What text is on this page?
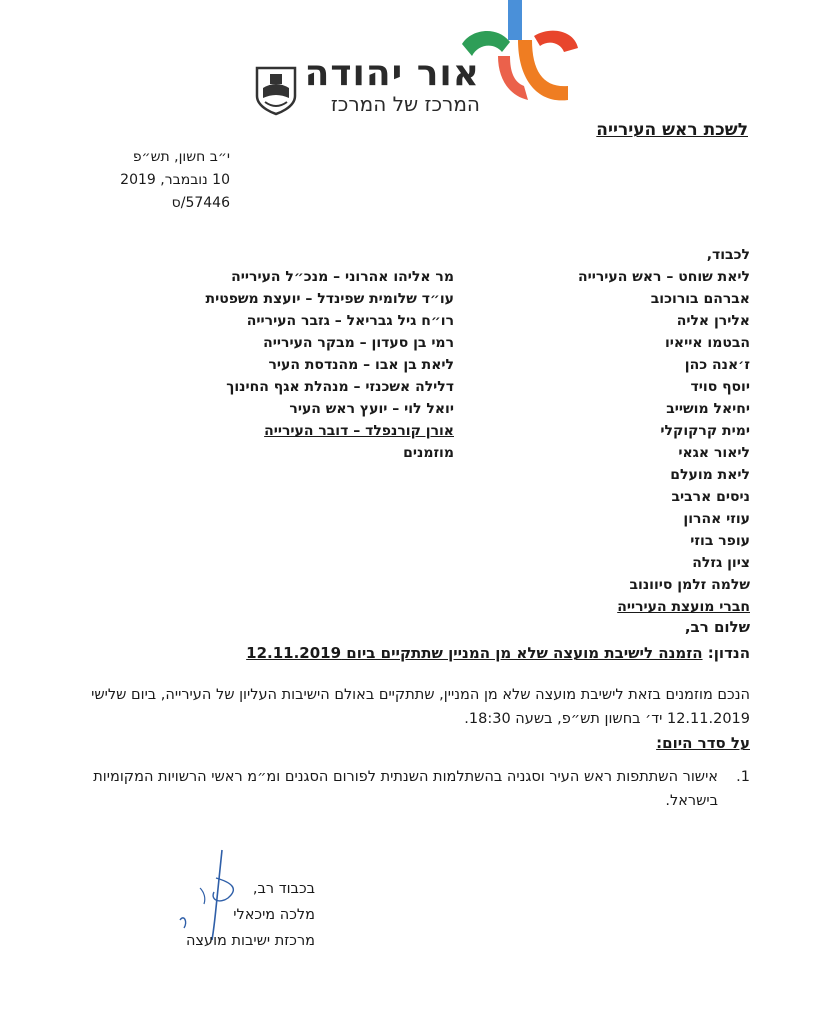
אור יהודה
המרכז של המרכז
לשכת ראש העירייה
י״ב חשון, תש״פ
10 נובמבר, 2019
57446/ס
לכבוד,
ליאת שוחט – ראש העירייה
אברהם בורוכוב
אלירן אליה
הבטמו אייאיו
ז׳אנה כהן
יוסף סויד
יחיאל מושייב
ימית קרקוקלי
ליאור אגאי
ליאת מועלם
ניסים ארביב
עוזי אהרון
עופר בוזי
ציון גזלה
שלמה זלמן סיוונוב
חברי מועצת העירייה
מר אליהו אהרוני – מנכ״ל העירייה
עו״ד שלומית שפינדל – יועצת משפטית
רו״ח גיל גבריאל – גזבר העירייה
רמי בן סעדון – מבקר העירייה
ליאת בן אבו – מהנדסת העיר
דלילה אשכנזי – מנהלת אגף החינוך
יואל לוי – יועץ ראש העיר
אורן קורנפלד – דובר העירייה
מוזמנים
שלום רב,
הנדון: הזמנה לישיבת מועצה שלא מן המניין שתתקיים ביום 12.11.2019
הנכם מוזמנים בזאת לישיבת מועצה שלא מן המניין, שתתקיים באולם הישיבות העליון של העירייה, ביום שלישי 12.11.2019 יד׳ בחשון תש״פ, בשעה 18:30.
על סדר היום:
1.
אישור השתתפות ראש העיר וסגניה בהשתלמות השנתית לפורום הסגנים ומ״מ ראשי הרשויות המקומיות בישראל.
בכבוד רב,
מלכה מיכאלי
מרכזת ישיבות מועצה
